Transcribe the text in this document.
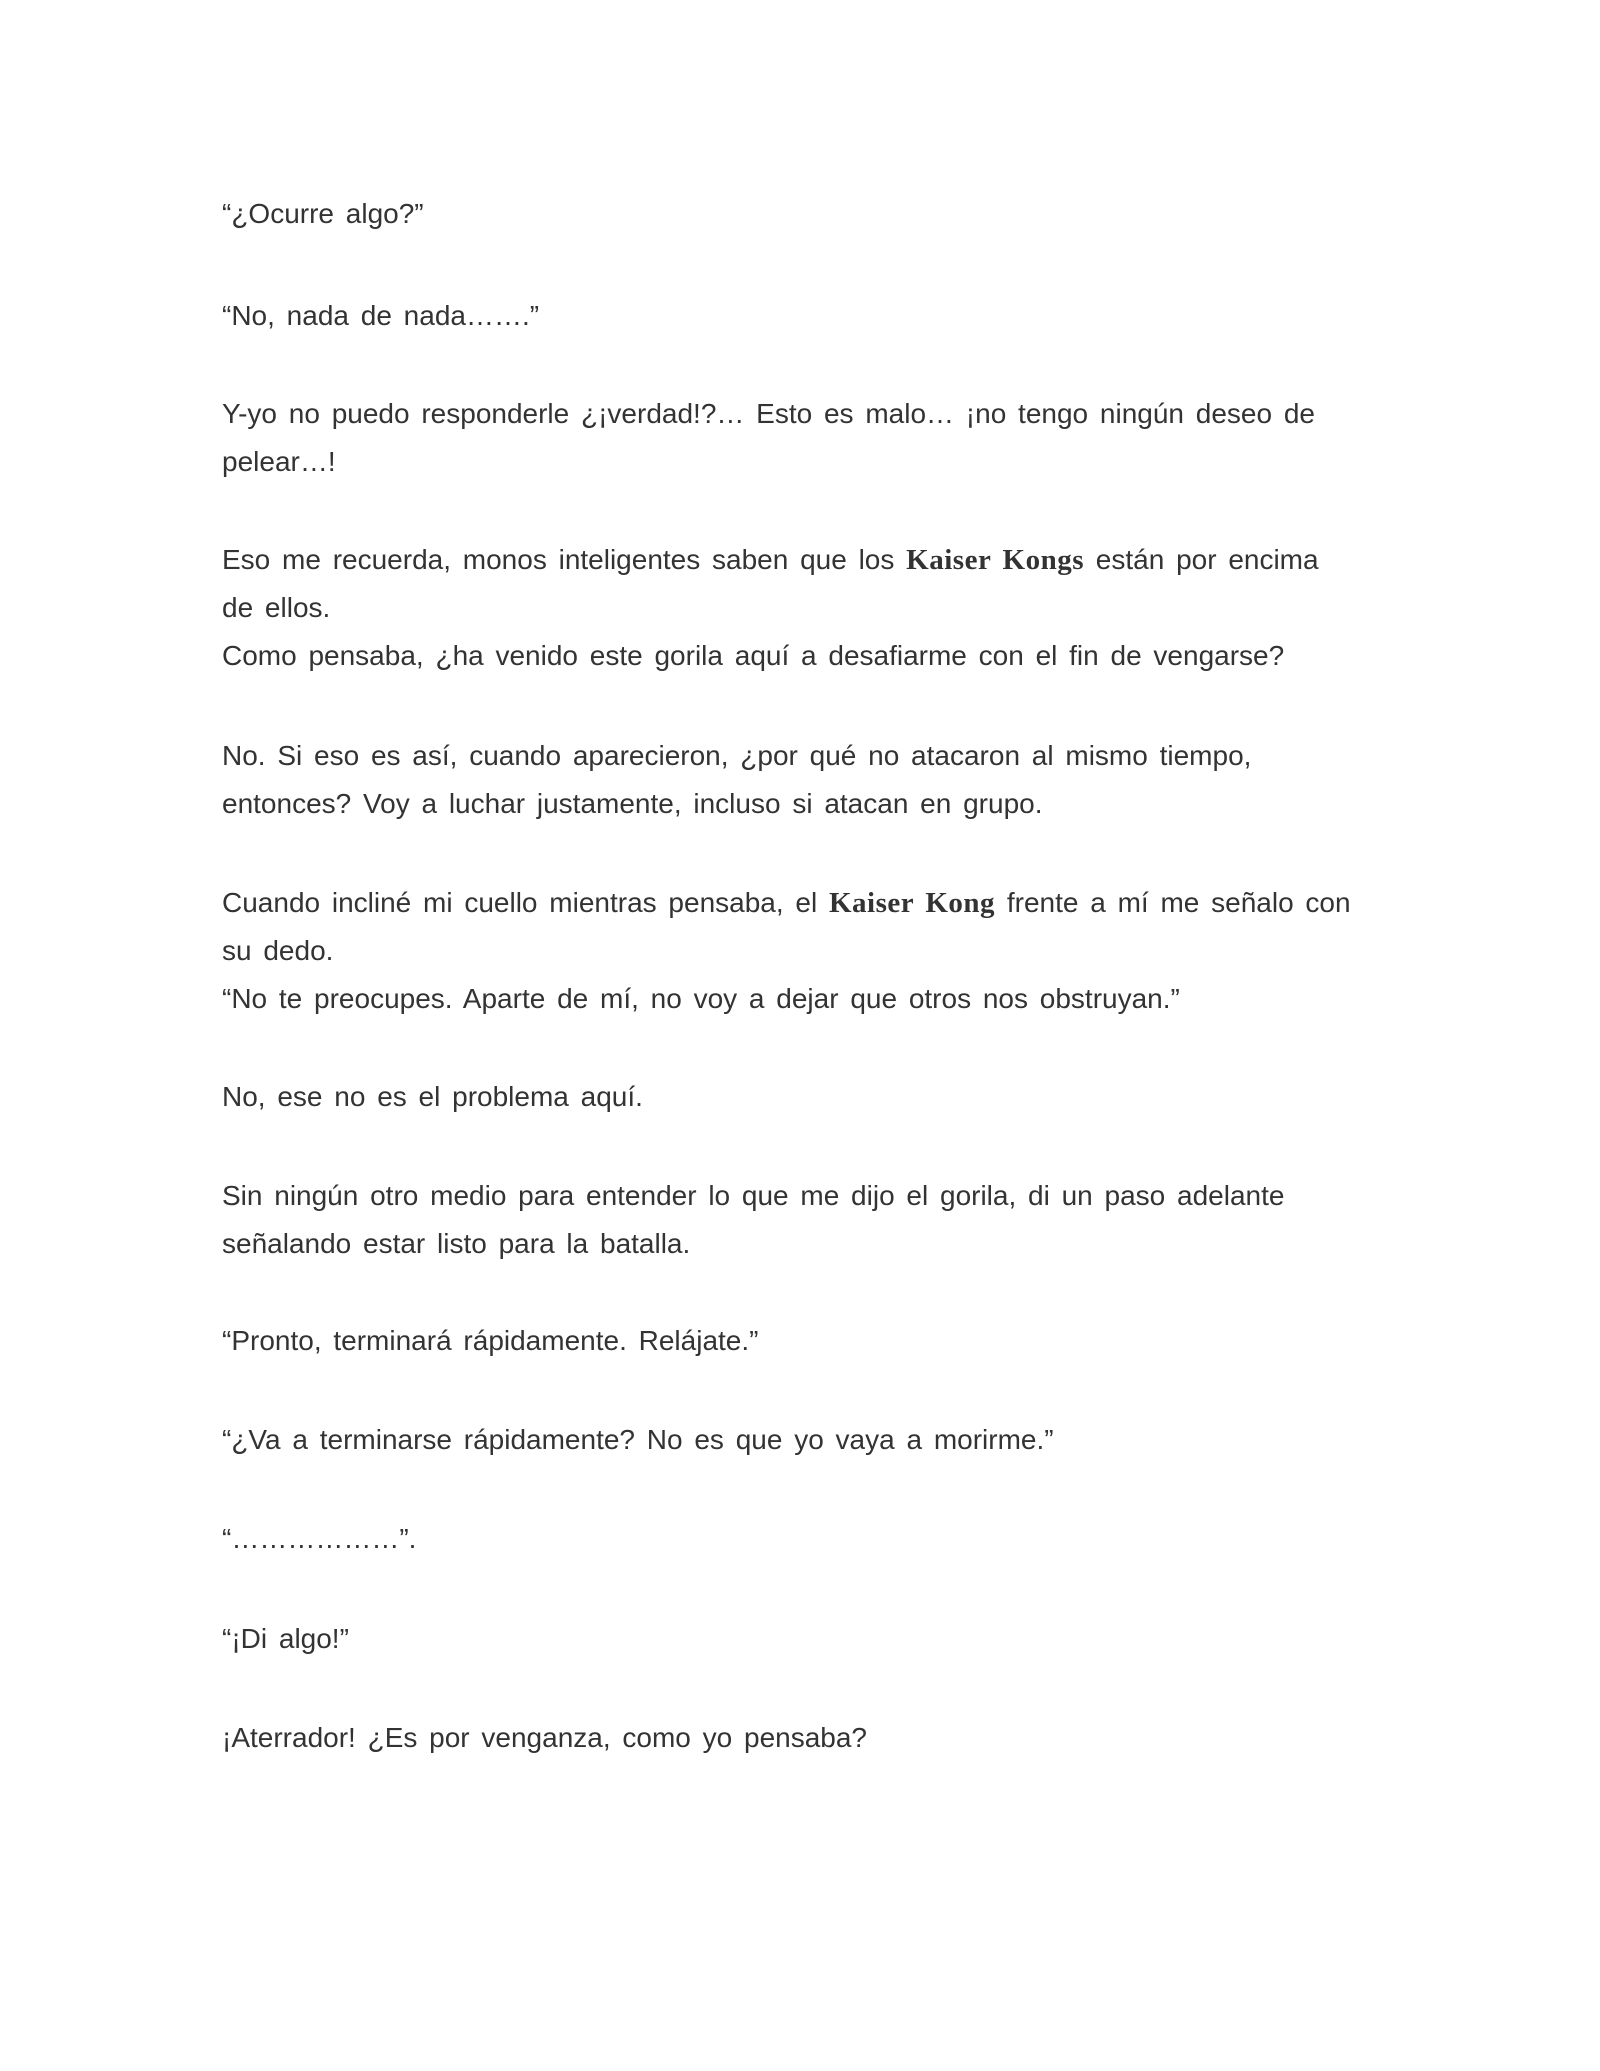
“¿Ocurre algo?”
“No, nada de nada…….”
Y-yo no puedo responderle ¿¡verdad!?… Esto es malo… ¡no tengo ningún deseo de
pelear…!
Eso me recuerda, monos inteligentes saben que los Kaiser Kongs están por encima
de ellos.
Como pensaba, ¿ha venido este gorila aquí a desafiarme con el fin de vengarse?
No. Si eso es así, cuando aparecieron, ¿por qué no atacaron al mismo tiempo,
entonces? Voy a luchar justamente, incluso si atacan en grupo.
Cuando incliné mi cuello mientras pensaba, el Kaiser Kong frente a mí me señalo con
su dedo.
“No te preocupes. Aparte de mí, no voy a dejar que otros nos obstruyan.”
No, ese no es el problema aquí.
Sin ningún otro medio para entender lo que me dijo el gorila, di un paso adelante
señalando estar listo para la batalla.
“Pronto, terminará rápidamente. Relájate.”
“¿Va a terminarse rápidamente? No es que yo vaya a morirme.”
“………………”.
“¡Di algo!”
¡Aterrador! ¿Es por venganza, como yo pensaba?
